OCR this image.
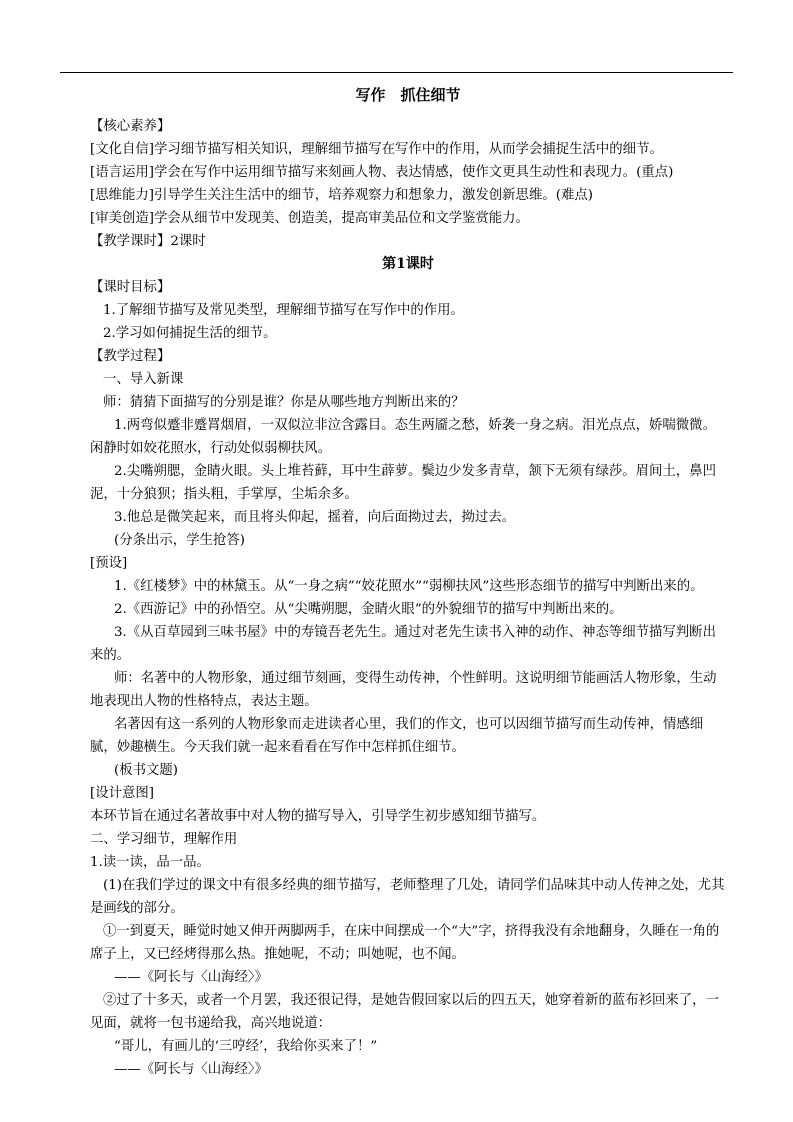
写作　抓住细节

【核心素养】

[文化自信]学习细节描写相关知识，理解细节描写在写作中的作用，从而学会捕捉生活中的细节。

[语言运用]学会在写作中运用细节描写来刻画人物、表达情感，使作文更具生动性和表现力。(重点)

[思维能力]引导学生关注生活中的细节，培养观察力和想象力，激发创新思维。(难点)

[审美创造]学会从细节中发现美、创造美，提高审美品位和文学鉴赏能力。

【教学课时】2课时

第1课时

【课时目标】

1.了解细节描写及常见类型，理解细节描写在写作中的作用。

2.学习如何捕捉生活的细节。

【教学过程】

一、导入新课

师：猜猜下面描写的分别是谁？你是从哪些地方判断出来的？

1.两弯似蹙非蹙罥烟眉，一双似泣非泣含露目。态生两靥之愁，娇袭一身之病。泪光点点，娇喘微微。闲静时如姣花照水，行动处似弱柳扶风。

2.尖嘴朔腮，金睛火眼。头上堆苔藓，耳中生薜萝。鬓边少发多青草，颔下无须有绿莎。眉间土，鼻凹泥，十分狼狈；指头粗，手掌厚，尘垢余多。

3.他总是微笑起来，而且将头仰起，摇着，向后面拗过去，拗过去。

(分条出示，学生抢答)

[预设]

1.《红楼梦》中的林黛玉。从“一身之病”“姣花照水”“弱柳扶风”这些形态细节的描写中判断出来的。

2.《西游记》中的孙悟空。从“尖嘴朔腮，金睛火眼”的外貌细节的描写中判断出来的。

3.《从百草园到三味书屋》中的寿镜吾老先生。通过对老先生读书入神的动作、神态等细节描写判断出来的。

师：名著中的人物形象，通过细节刻画，变得生动传神，个性鲜明。这说明细节能画活人物形象，生动地表现出人物的性格特点，表达主题。

名著因有这一系列的人物形象而走进读者心里，我们的作文，也可以因细节描写而生动传神，情感细腻，妙趣横生。今天我们就一起来看看在写作中怎样抓住细节。

(板书文题)

[设计意图]

本环节旨在通过名著故事中对人物的描写导入，引导学生初步感知细节描写。

二、学习细节，理解作用

1.读一读，品一品。

(1)在我们学过的课文中有很多经典的细节描写，老师整理了几处，请同学们品味其中动人传神之处，尤其是画线的部分。

①一到夏天，睡觉时她又伸开两脚两手，在床中间摆成一个“大”字，挤得我没有余地翻身，久睡在一角的席子上，又已经烤得那么热。推她呢，不动；叫她呢，也不闻。

——《阿长与〈山海经〉》

②过了十多天，或者一个月罢，我还很记得，是她告假回家以后的四五天，她穿着新的蓝布衫回来了，一见面，就将一包书递给我，高兴地说道：

“哥儿，有画儿的‘三哼经’，我给你买来了！”

——《阿长与〈山海经〉》
